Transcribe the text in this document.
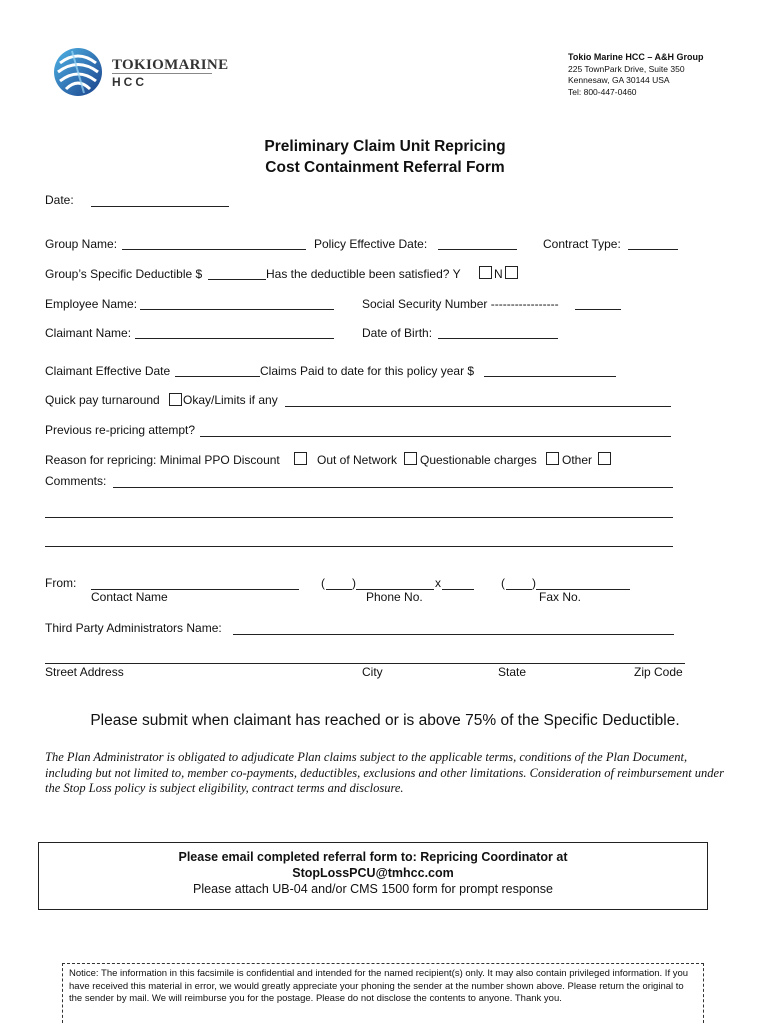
TOKIOMARINE
HCC
Tokio Marine HCC – A&H Group
225 TownPark Drive, Suite 350
Kennesaw, GA 30144 USA
Tel: 800-447-0460
Preliminary Claim Unit Repricing
Cost Containment Referral Form
Date:
Group Name:	Policy Effective Date:	Contract Type:
Group’s Specific Deductible $	Has the deductible been satisfied? Y	N
Employee Name:	Social Security Number -----------------
Claimant Name:	Date of Birth:
Claimant Effective Date	Claims Paid to date for this policy year $
Quick pay turnaround Okay/Limits if any
Previous re-pricing attempt?
Reason for repricing: Minimal PPO Discount	Out of Network Questionable charges Other
Comments:
From:	( )	x	( )
Contact Name	Phone No.	Fax No.
Third Party Administrators Name:
Street Address	City	State	Zip Code
Please submit when claimant has reached or is above 75% of the Specific Deductible.
The Plan Administrator is obligated to adjudicate Plan claims subject to the applicable terms, conditions of the Plan Document, including but not limited to, member co-payments, deductibles, exclusions and other limitations. Consideration of reimbursement under the Stop Loss policy is subject eligibility, contract terms and disclosure.
Please email completed referral form to: Repricing Coordinator at
StopLossPCU@tmhcc.com
Please attach UB-04 and/or CMS 1500 form for prompt response
Notice: The information in this facsimile is confidential and intended for the named recipient(s) only. It may also contain privileged information. If you have received this material in error, we would greatly appreciate your phoning the sender at the number shown above. Please return the original to the sender by mail. We will reimburse you for the postage. Please do not disclose the contents to anyone. Thank you.
